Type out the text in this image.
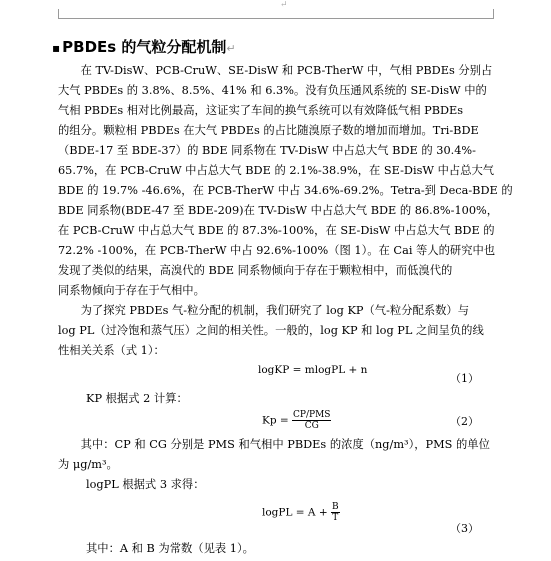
↵
▪ PBDEs 的气粒分配机制↵
　　在 TV-DisW、PCB-CruW、SE-DisW 和 PCB-TherW 中，气相 PBDEs 分别占
大气 PBDEs 的 3.8%、8.5%、41% 和 6.3%。没有负压通风系统的 SE-DisW 中的
气相 PBDEs 相对比例最高，这证实了车间的换气系统可以有效降低气相 PBDEs
的组分。颗粒相 PBDEs 在大气 PBDEs 的占比随溴原子数的增加而增加。Tri-BDE
（BDE-17 至 BDE-37）的 BDE 同系物在 TV-DisW 中占总大气 BDE 的 30.4%-
65.7%，在 PCB-CruW 中占总大气 BDE 的 2.1%-38.9%，在 SE-DisW 中占总大气
BDE 的 19.7% -46.6%，在 PCB-TherW 中占 34.6%-69.2%。Tetra-到 Deca-BDE 的
BDE 同系物(BDE-47 至 BDE-209)在 TV-DisW 中占总大气 BDE 的 86.8%-100%，
在 PCB-CruW 中占总大气 BDE 的 87.3%-100%，在 SE-DisW 中占总大气 BDE 的
72.2% -100%，在 PCB-TherW 中占 92.6%-100%（图 1）。在 Cai 等人的研究中也
发现了类似的结果，高溴代的 BDE 同系物倾向于存在于颗粒相中，而低溴代的
同系物倾向于存在于气相中。
　　为了探究 PBDEs 气-粒分配的机制，我们研究了 log KP（气-粒分配系数）与
log PL（过冷饱和蒸气压）之间的相关性。一般的，log KP 和 log PL 之间呈负的线
性相关关系（式 1）：
logKP = mlogPL + n
（1）
KP 根据式 2 计算：
$Kp = \frac{\text{CP/PMS}}{CG}$	（2）
　　其中：CP 和 CG 分别是 PMS 和气相中 PBDEs 的浓度（ng/m³），PMS 的单位
为 μg/m³。
logPL 根据式 3 求得：
logPL = $A + \frac{B}{T}$
（3）
其中：A 和 B 为常数（见表 1）。
